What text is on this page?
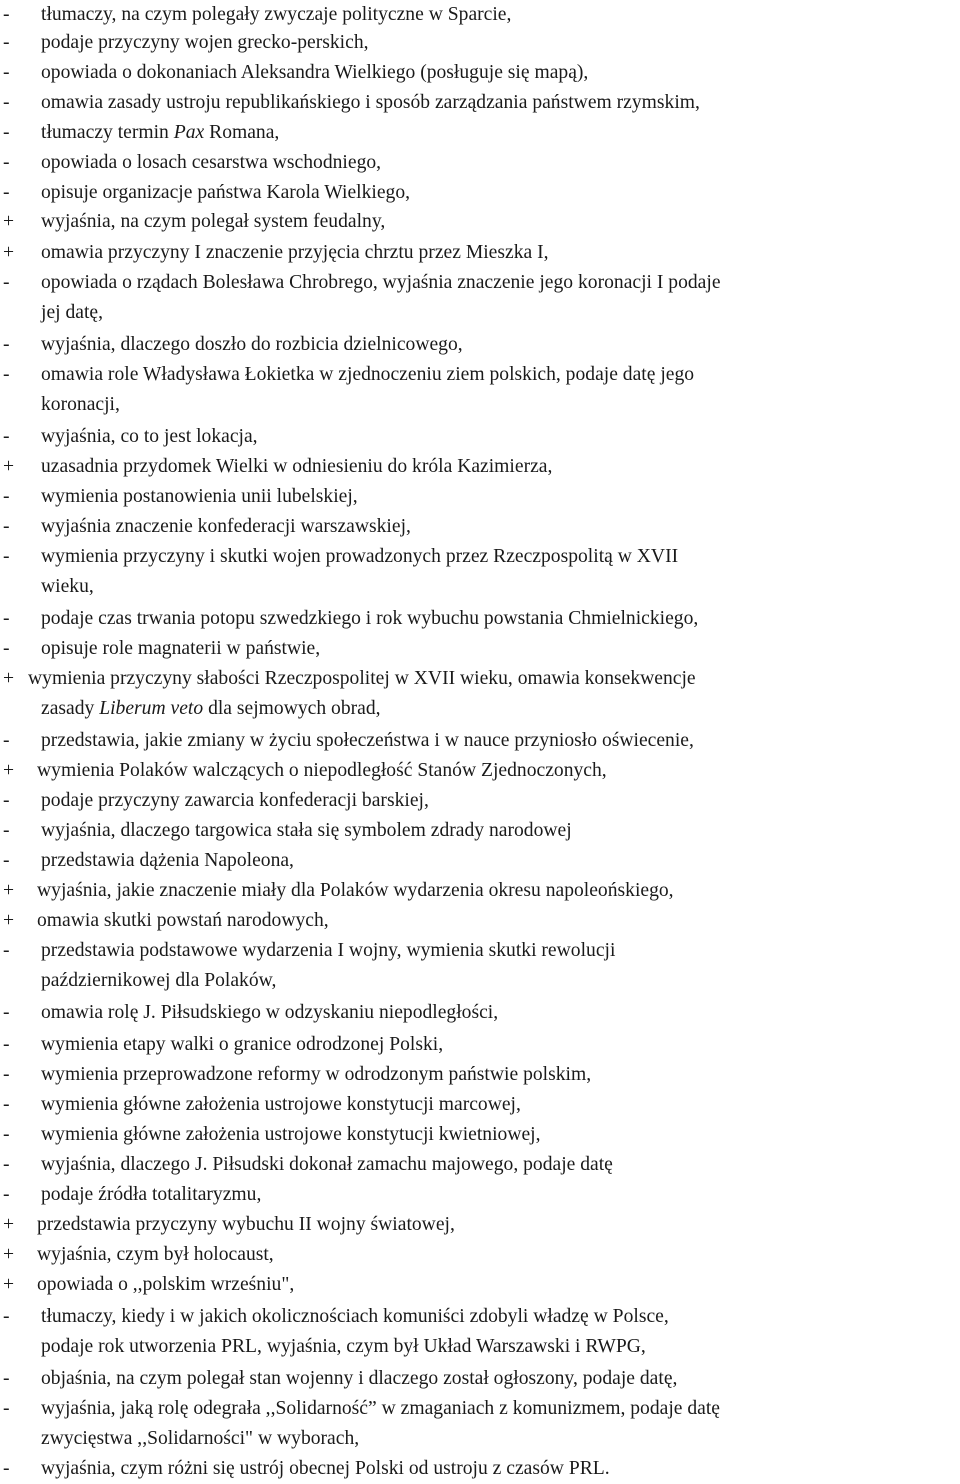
-	tłumaczy, na czym polegały zwyczaje polityczne w Sparcie,
-	podaje przyczyny wojen grecko-perskich,
-	opowiada o dokonaniach Aleksandra Wielkiego (posługuje się mapą),
-	omawia zasady ustroju republikańskiego i sposób zarządzania państwem rzymskim,
-	tłumaczy termin Pax Romana,
-	opowiada o losach cesarstwa wschodniego,
-	opisuje organizacje państwa Karola Wielkiego,
+	wyjaśnia, na czym polegał system feudalny,
+	omawia przyczyny I znaczenie przyjęcia chrztu przez Mieszka I,
-	opowiada o rządach Bolesława Chrobrego, wyjaśnia znaczenie jego koronacji I podaje
jej datę,
-	wyjaśnia, dlaczego doszło do rozbicia dzielnicowego,
-	omawia role Władysława Łokietka w zjednoczeniu ziem polskich, podaje datę jego
koronacji,
-	wyjaśnia, co to jest lokacja,
+	uzasadnia przydomek Wielki w odniesieniu do króla Kazimierza,
-	wymienia postanowienia unii lubelskiej,
-	wyjaśnia znaczenie konfederacji warszawskiej,
-	wymienia przyczyny i skutki wojen prowadzonych przez Rzeczpospolitą w XVII
wieku,
-	podaje czas trwania potopu szwedzkiego i rok wybuchu powstania Chmielnickiego,
-	opisuje role magnaterii w państwie,
+ wymienia przyczyny słabości Rzeczpospolitej w XVII wieku, omawia konsekwencje
zasady Liberum veto dla sejmowych obrad,
-	przedstawia, jakie zmiany w życiu społeczeństwa i w nauce przyniosło oświecenie,
+	wymienia Polaków walczących o niepodległość Stanów Zjednoczonych,
-	podaje przyczyny zawarcia konfederacji barskiej,
-	wyjaśnia, dlaczego targowica stała się symbolem zdrady narodowej
-	przedstawia dążenia Napoleona,
+	wyjaśnia, jakie znaczenie miały dla Polaków wydarzenia okresu napoleońskiego,
+	omawia skutki powstań narodowych,
-	przedstawia podstawowe wydarzenia I wojny, wymienia skutki rewolucji
październikowej dla Polaków,
-	omawia rolę J. Piłsudskiego w odzyskaniu niepodległości,
-	wymienia etapy walki o granice odrodzonej Polski,
-	wymienia przeprowadzone reformy w odrodzonym państwie polskim,
-	wymienia główne założenia ustrojowe konstytucji marcowej,
-	wymienia główne założenia ustrojowe konstytucji kwietniowej,
-	wyjaśnia, dlaczego J. Piłsudski dokonał zamachu majowego, podaje datę
-	podaje źródła totalitaryzmu,
+	przedstawia przyczyny wybuchu II wojny światowej,
+	wyjaśnia, czym był holocaust,
+	opowiada o ,,polskim wrześniu",
-	tłumaczy, kiedy i w jakich okolicznościach komuniści zdobyli władzę w Polsce,
podaje rok utworzenia PRL, wyjaśnia, czym był Układ Warszawski i RWPG,
-	objaśnia, na czym polegał stan wojenny i dlaczego został ogłoszony, podaje datę,
-	wyjaśnia, jaką rolę odegrała ,,Solidarność” w zmaganiach z komunizmem, podaje datę
zwycięstwa ,,Solidarności" w wyborach,
-	wyjaśnia, czym różni się ustrój obecnej Polski od ustroju z czasów PRL.
